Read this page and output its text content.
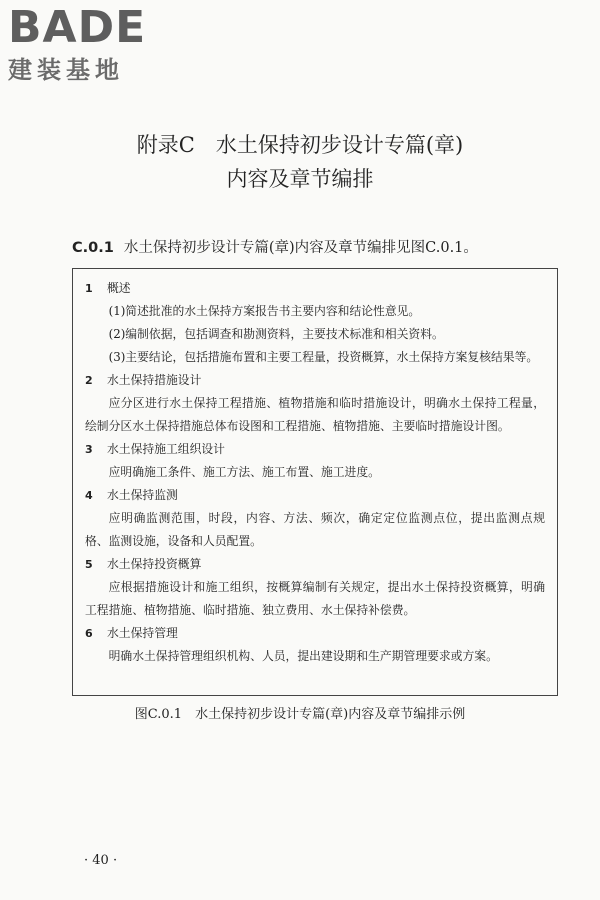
BADE
建装基地
附录C　水土保持初步设计专篇(章)
内容及章节编排
C.0.1 水土保持初步设计专篇(章)内容及章节编排见图C.0.1。
1	概述
(1)简述批准的水土保持方案报告书主要内容和结论性意见。
(2)编制依据，包括调查和勘测资料，主要技术标准和相关资料。
(3)主要结论，包括措施布置和主要工程量，投资概算，水土保持方案复核结果等。
2	水土保持措施设计
应分区进行水土保持工程措施、植物措施和临时措施设计，明确水土保持工程量，绘制分区水土保持措施总体布设图和工程措施、植物措施、主要临时措施设计图。
3	水土保持施工组织设计
应明确施工条件、施工方法、施工布置、施工进度。
4	水土保持监测
应明确监测范围，时段，内容、方法、频次，确定定位监测点位，提出监测点规格、监测设施，设备和人员配置。
5	水土保持投资概算
应根据措施设计和施工组织，按概算编制有关规定，提出水土保持投资概算，明确工程措施、植物措施、临时措施、独立费用、水土保持补偿费。
6	水土保持管理
明确水土保持管理组织机构、人员，提出建设期和生产期管理要求或方案。
图C.0.1　水土保持初步设计专篇(章)内容及章节编排示例
· 40 ·
